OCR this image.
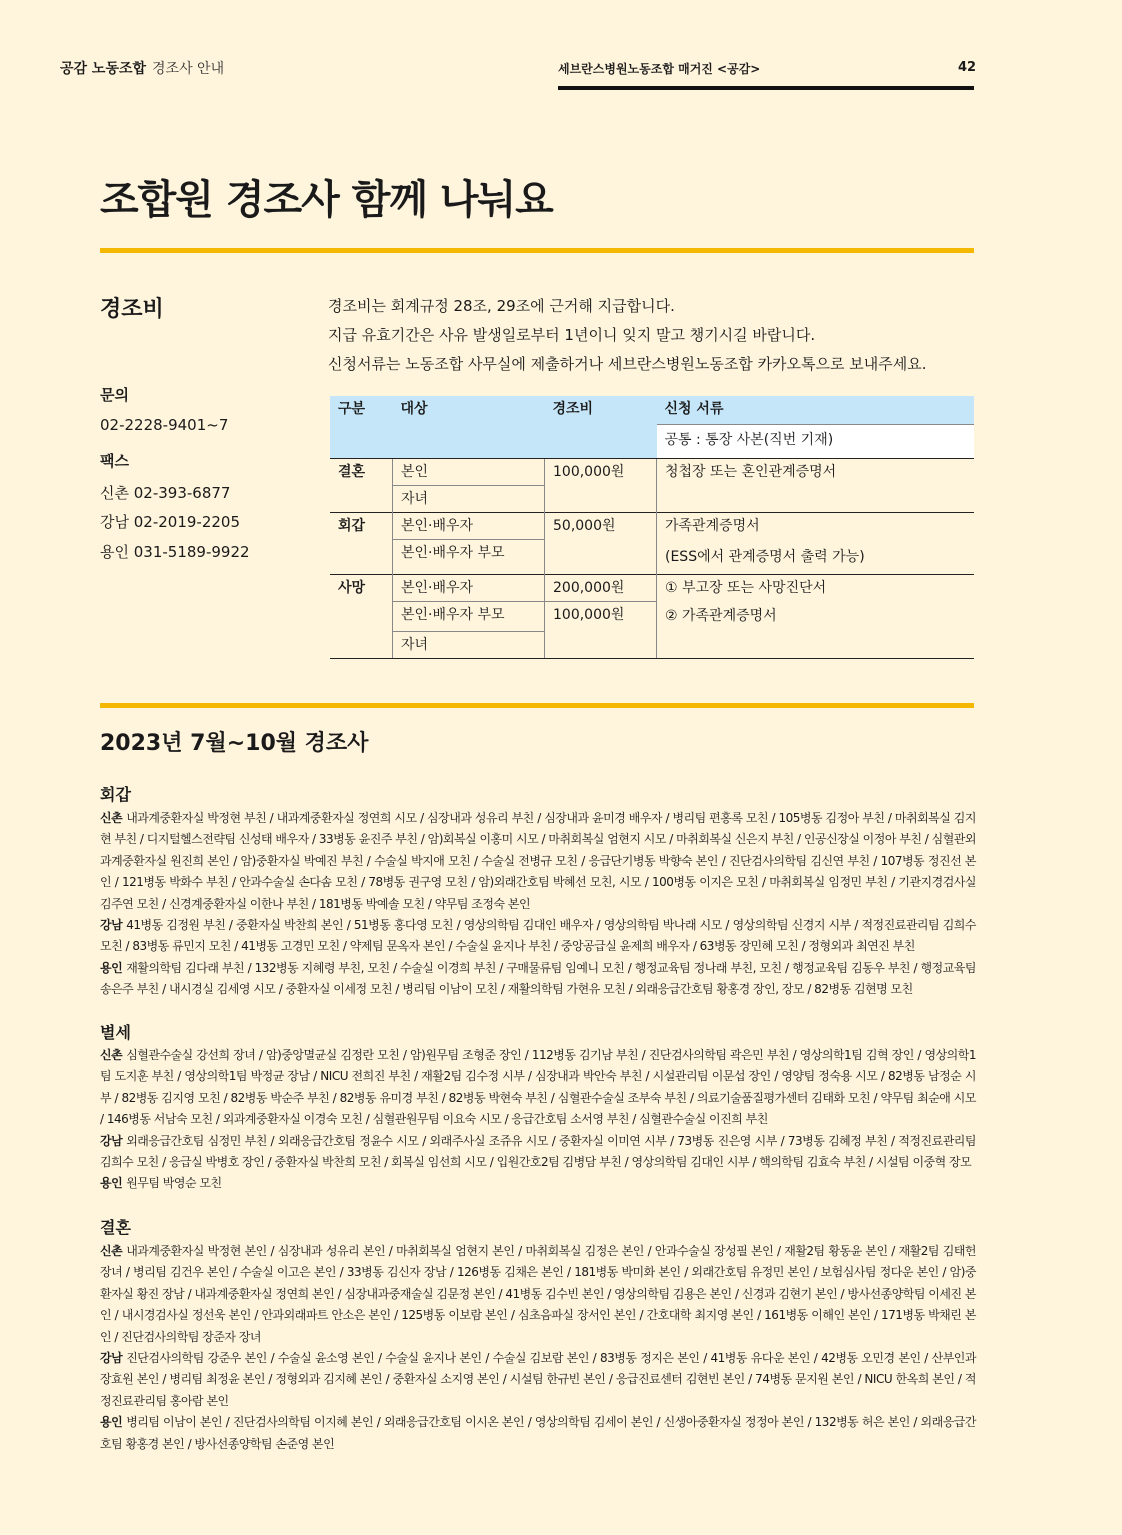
공감 노동조합 경조사 안내	세브란스병원노동조합 매거진 <공감>	42
조합원 경조사 함께 나눠요
경조비	경조비는 회계규정 28조, 29조에 근거해 지급합니다.
지급 유효기간은 사유 발생일로부터 1년이니 잊지 말고 챙기시길 바랍니다.
신청서류는 노동조합 사무실에 제출하거나 세브란스병원노동조합 카카오톡으로 보내주세요.
문의
02-2228-9401~7
팩스
신촌 02-393-6877
강남 02-2019-2205
용인 031-5189-9922
구분	대상	경조비	신청 서류
			공통 : 통장 사본(직번 기재)
결혼	본인	100,000원	청첩장 또는 혼인관계증명서
	자녀		
회갑	본인·배우자	50,000원	가족관계증명서
	본인·배우자 부모		(ESS에서 관계증명서 출력 가능)
사망	본인·배우자	200,000원	① 부고장 또는 사망진단서
	본인·배우자 부모	100,000원	② 가족관계증명서
	자녀		
2023년 7월~10월 경조사
회갑
신촌 내과계중환자실 박정현 부친 / 내과계중환자실 정연희 시모 / 심장내과 성유리 부친 / 심장내과 윤미경 배우자 / 병리팀 편홍록 모친 / 105병동 김정아 부친 / 마취회복실 김지현 부친 / 디지털헬스전략팀 신성태 배우자 / 33병동 윤진주 부친 / 암)회복실 이홍미 시모 / 마취회복실 엄현지 시모 / 마취회복실 신은지 부친 / 인공신장실 이정아 부친 / 심혈관외과계중환자실 원진희 본인 / 암)중환자실 박예진 부친 / 수술실 박지애 모친 / 수술실 전병규 모친 / 응급단기병동 박향숙 본인 / 진단검사의학팀 김신연 부친 / 107병동 정진선 본인 / 121병동 박화수 부친 / 안과수술실 손다솜 모친 / 78병동 권구영 모친 / 암)외래간호팀 박혜선 모친, 시모 / 100병동 이지은 모친 / 마취회복실 임정민 부친 / 기관지경검사실 김주연 모친 / 신경계중환자실 이한나 부친 / 181병동 박예솔 모친 / 약무팀 조정숙 본인
강남 41병동 김정원 부친 / 중환자실 박찬희 본인 / 51병동 홍다영 모친 / 영상의학팀 김대인 배우자 / 영상의학팀 박나래 시모 / 영상의학팀 신경지 시부 / 적정진료관리팀 김희수 모친 / 83병동 류민지 모친 / 41병동 고경민 모친 / 약제팀 문옥자 본인 / 수술실 윤지나 부친 / 중앙공급실 윤제희 배우자 / 63병동 장민혜 모친 / 정형외과 최연진 부친
용인 재활의학팀 김다래 부친 / 132병동 지혜령 부친, 모친 / 수술실 이경희 부친 / 구매물류팀 임예니 모친 / 행정교육팀 정나래 부친, 모친 / 행정교육팀 김동우 부친 / 행정교육팀 송은주 부친 / 내시경실 김세영 시모 / 중환자실 이세정 모친 / 병리팀 이남이 모친 / 재활의학팀 가현유 모친 / 외래응급간호팀 황홍경 장인, 장모 / 82병동 김현명 모친
별세
신촌 심혈관수술실 강선희 장녀 / 암)중앙멸균실 김정란 모친 / 암)원무팀 조형준 장인 / 112병동 김기남 부친 / 진단검사의학팀 곽은민 부친 / 영상의학1팀 김혁 장인 / 영상의학1팀 도지훈 부친 / 영상의학1팀 박정균 장남 / NICU 전희진 부친 / 재활2팀 김수정 시부 / 심장내과 박안숙 부친 / 시설관리팀 이문섭 장인 / 영양팀 정숙용 시모 / 82병동 남정순 시부 / 82병동 김지영 모친 / 82병동 박순주 부친 / 82병동 유미경 부친 / 82병동 박현숙 부친 / 심혈관수술실 조부숙 부친 / 의료기술품질평가센터 김태화 모친 / 약무팀 최순애 시모 / 146병동 서남숙 모친 / 외과계중환자실 이경숙 모친 / 심혈관원무팀 이요숙 시모 / 응급간호팀 소서영 부친 / 심혈관수술실 이진희 부친
강남 외래응급간호팀 심정민 부친 / 외래응급간호팀 정윤수 시모 / 외래주사실 조쥬유 시모 / 중환자실 이미연 시부 / 73병동 진은영 시부 / 73병동 김혜정 부친 / 적정진료관리팀 김희수 모친 / 응급실 박병호 장인 / 중환자실 박찬희 모친 / 회복실 임선희 시모 / 입원간호2팀 김병담 부친 / 영상의학팀 김대인 시부 / 핵의학팀 김효숙 부친 / 시설팀 이중혁 장모
용인 원무팀 박영순 모친
결혼
신촌 내과계중환자실 박정현 본인 / 심장내과 성유리 본인 / 마취회복실 엄현지 본인 / 마취회복실 김정은 본인 / 안과수술실 장성필 본인 / 재활2팀 황동윤 본인 / 재활2팀 김태헌 장녀 / 병리팀 김건우 본인 / 수술실 이고은 본인 / 33병동 김신자 장남 / 126병동 김채은 본인 / 181병동 박미화 본인 / 외래간호팀 유정민 본인 / 보험심사팀 정다운 본인 / 암)중환자실 황진 장남 / 내과계중환자실 정연희 본인 / 심장내과중재술실 김문정 본인 / 41병동 김수빈 본인 / 영상의학팀 김용은 본인 / 신경과 김현기 본인 / 방사선종양학팀 이세진 본인 / 내시경검사실 정선욱 본인 / 안과외래파트 안소은 본인 / 125병동 이보람 본인 / 심초음파실 장서인 본인 / 간호대학 최지영 본인 / 161병동 이해인 본인 / 171병동 박채린 본인 / 진단검사의학팀 장준자 장녀
강남 진단검사의학팀 강준우 본인 / 수술실 윤소영 본인 / 수술실 윤지나 본인 / 수술실 김보람 본인 / 83병동 정지은 본인 / 41병동 유다운 본인 / 42병동 오민경 본인 / 산부인과 장효원 본인 / 병리팀 최정윤 본인 / 정형외과 김지혜 본인 / 중환자실 소지영 본인 / 시설팀 한규빈 본인 / 응급진료센터 김현빈 본인 / 74병동 문지원 본인 / NICU 한옥희 본인 / 적정진료관리팀 홍아람 본인
용인 병리팀 이남이 본인 / 진단검사의학팀 이지혜 본인 / 외래응급간호팀 이시온 본인 / 영상의학팀 김세이 본인 / 신생아중환자실 정정아 본인 / 132병동 허은 본인 / 외래응급간호팀 황홍경 본인 / 방사선종양학팀 손준영 본인
